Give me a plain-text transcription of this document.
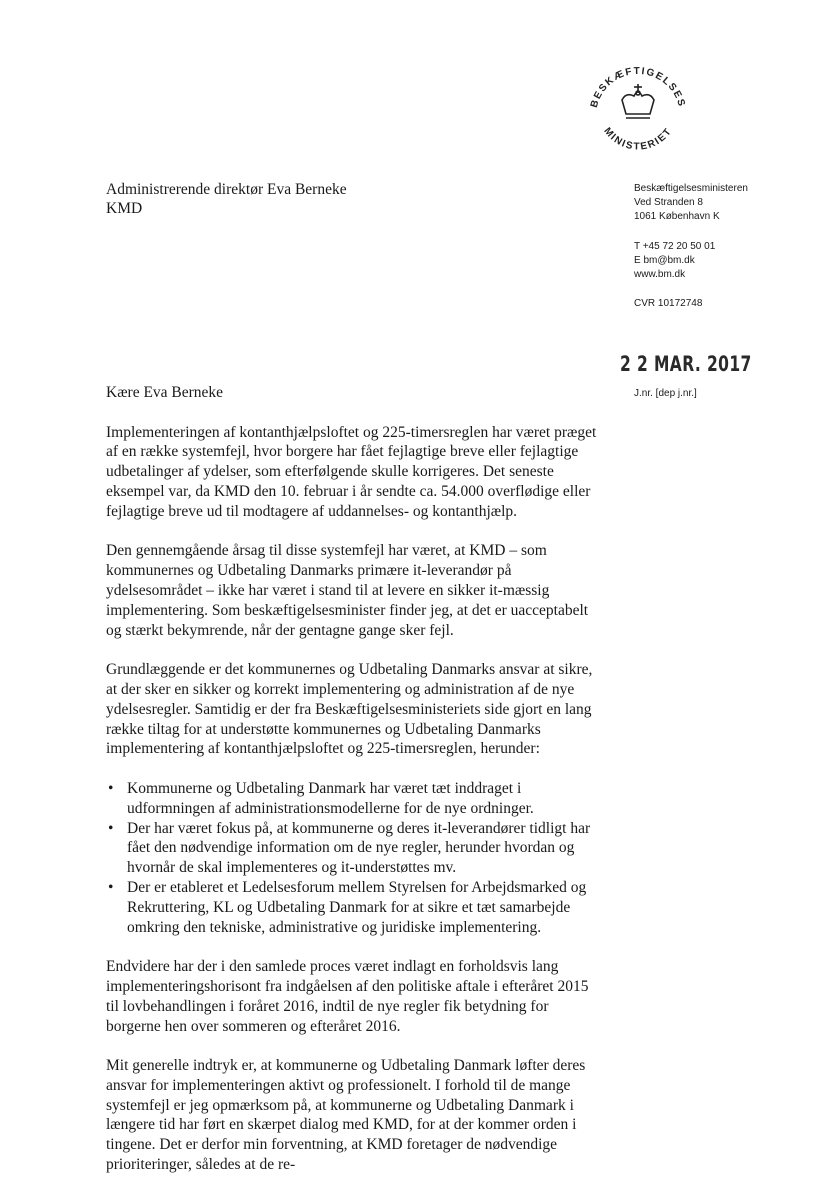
BESKÆFTIGELSES
MINISTERIET
Administrerende direktør Eva Berneke
KMD

Beskæftigelsesministeren

Ved Stranden 8

1061 København K

T +45 72 20 50 01

E bm@bm.dk

www.bm.dk

CVR 10172748

2 2 MAR. 2017
J.nr. [dep j.nr.]

Kære Eva Berneke

Implementeringen af kontanthjælpsloftet og 225-timersreglen har været præget af en række systemfejl, hvor borgere har fået fejlagtige breve eller fejlagtige udbetalinger af ydelser, som efterfølgende skulle korrigeres. Det seneste eksempel var, da KMD den 10. februar i år sendte ca. 54.000 overflødige eller fejlagtige breve ud til modtagere af uddannelses- og kontanthjælp.

Den gennemgående årsag til disse systemfejl har været, at KMD – som kommunernes og Udbetaling Danmarks primære it-leverandør på ydelsesområdet – ikke har været i stand til at levere en sikker it-mæssig implementering. Som beskæftigelsesminister finder jeg, at det er uacceptabelt og stærkt bekymrende, når der gentagne gange sker fejl.

Grundlæggende er det kommunernes og Udbetaling Danmarks ansvar at sikre, at der sker en sikker og korrekt implementering og administration af de nye ydelsesregler. Samtidig er der fra Beskæftigelsesministeriets side gjort en lang række tiltag for at understøtte kommunernes og Udbetaling Danmarks implementering af kontanthjælpsloftet og 225-timersreglen, herunder:

• Kommunerne og Udbetaling Danmark har været tæt inddraget i udformningen af administrationsmodellerne for de nye ordninger.
• Der har været fokus på, at kommunerne og deres it-leverandører tidligt har fået den nødvendige information om de nye regler, herunder hvordan og hvornår de skal implementeres og it-understøttes mv.
• Der er etableret et Ledelsesforum mellem Styrelsen for Arbejdsmarked og Rekruttering, KL og Udbetaling Danmark for at sikre et tæt samarbejde omkring den tekniske, administrative og juridiske implementering.

Endvidere har der i den samlede proces været indlagt en forholdsvis lang implementeringshorisont fra indgåelsen af den politiske aftale i efteråret 2015 til lovbehandlingen i foråret 2016, indtil de nye regler fik betydning for borgerne hen over sommeren og efteråret 2016.

Mit generelle indtryk er, at kommunerne og Udbetaling Danmark løfter deres ansvar for implementeringen aktivt og professionelt. I forhold til de mange systemfejl er jeg opmærksom på, at kommunerne og Udbetaling Danmark i længere tid har ført en skærpet dialog med KMD, for at der kommer orden i tingene. Det er derfor min forventning, at KMD foretager de nødvendige prioriteringer, således at de re-
